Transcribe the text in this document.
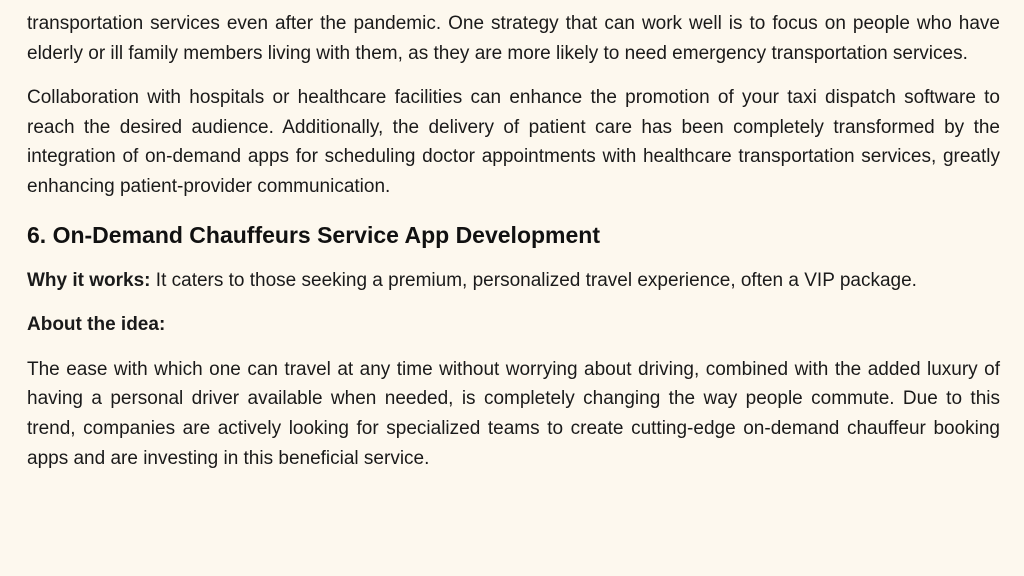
transportation services even after the pandemic. One strategy that can work well is to focus on people who have elderly or ill family members living with them, as they are more likely to need emergency transportation services.

Collaboration with hospitals or healthcare facilities can enhance the promotion of your taxi dispatch software to reach the desired audience. Additionally, the delivery of patient care has been completely transformed by the integration of on-demand apps for scheduling doctor appointments with healthcare transportation services, greatly enhancing patient-provider communication.

6. On-Demand Chauffeurs Service App Development

Why it works: It caters to those seeking a premium, personalized travel experience, often a VIP package.

About the idea:

The ease with which one can travel at any time without worrying about driving, combined with the added luxury of having a personal driver available when needed, is completely changing the way people commute. Due to this trend, companies are actively looking for specialized teams to create cutting-edge on-demand chauffeur booking apps and are investing in this beneficial service.
